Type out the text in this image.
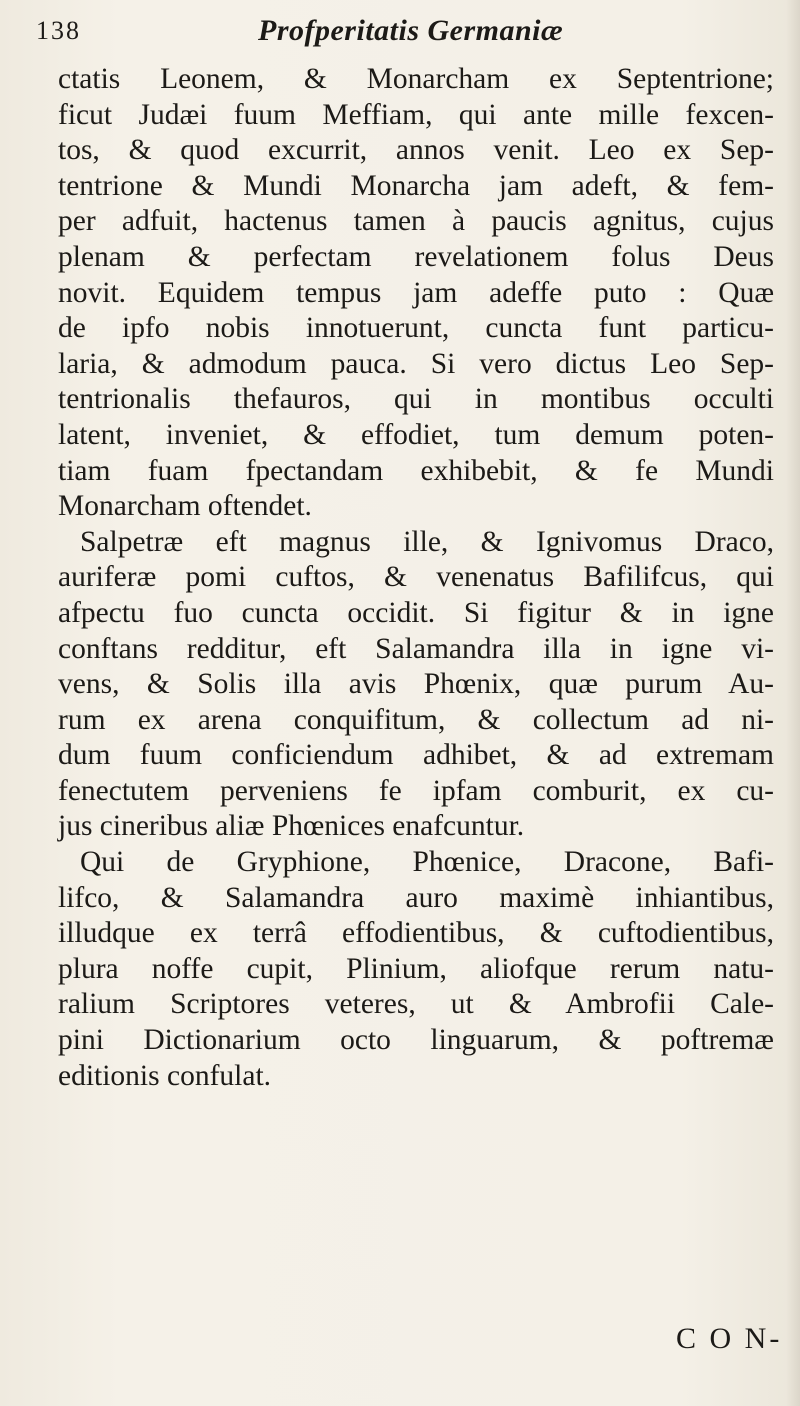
138	Profperitatis Germaniæ
ctatis Leonem, & Monarcham ex Septentrione;
ficut Judæi fuum Meffiam, qui ante mille fexcen-
tos, & quod excurrit, annos venit. Leo ex Sep-
tentrione & Mundi Monarcha jam adeft, & fem-
per adfuit, hactenus tamen à paucis agnitus, cujus
plenam & perfectam revelationem folus Deus
novit. Equidem tempus jam adeffe puto : Quæ
de ipfo nobis innotuerunt, cuncta funt particu-
laria, & admodum pauca. Si vero dictus Leo Sep-
tentrionalis thefauros, qui in montibus occulti
latent, inveniet, & effodiet, tum demum poten-
tiam fuam fpectandam exhibebit, & fe Mundi
Monarcham oftendet.
Salpetræ eft magnus ille, & Ignivomus Draco,
auriferæ pomi cuftos, & venenatus Bafilifcus, qui
afpectu fuo cuncta occidit. Si figitur & in igne
conftans redditur, eft Salamandra illa in igne vi-
vens, & Solis illa avis Phœnix, quæ purum Au-
rum ex arena conquifitum, & collectum ad ni-
dum fuum conficiendum adhibet, & ad extremam
fenectutem perveniens fe ipfam comburit, ex cu-
jus cineribus aliæ Phœnices enafcuntur.
Qui de Gryphione, Phœnice, Dracone, Bafi-
lifco, & Salamandra auro maximè inhiantibus,
illudque ex terrâ effodientibus, & cuftodientibus,
plura noffe cupit, Plinium, aliofque rerum natu-
ralium Scriptores veteres, ut & Ambrofii Cale-
pini Dictionarium octo linguarum, & poftremæ
editionis confulat.
C O N-
